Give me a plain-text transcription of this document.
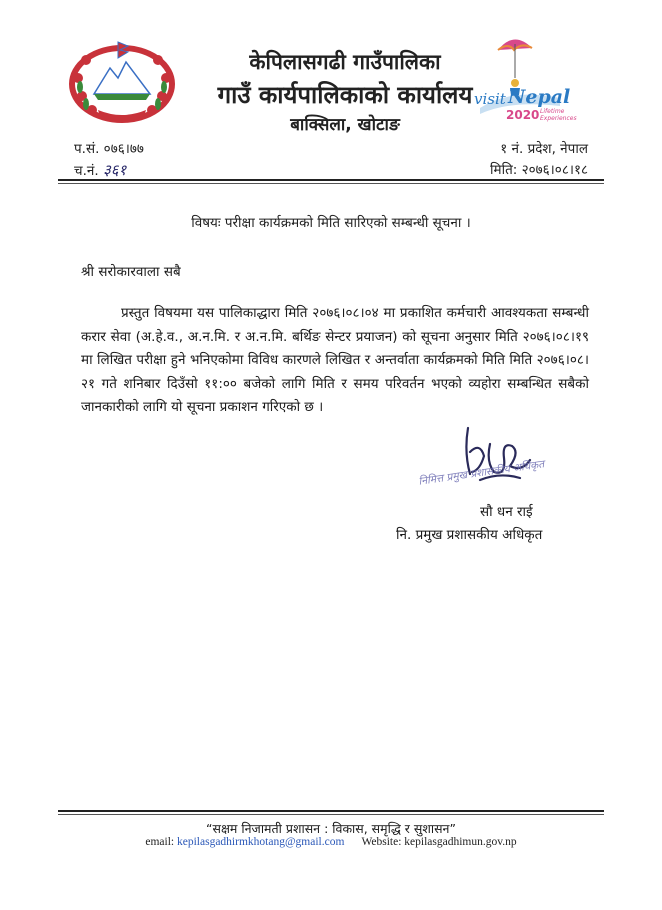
केपिलासगढी गाउँपालिका
गाउँ कार्यपालिकाको कार्यालय
बाक्सिला, खोटाङ
visit Nepal
2020 Lifetime Experiences
प.सं. ०७६।७७
च.नं. ३६१
१ नं. प्रदेश, नेपाल
मिति: २०७६।०८।१८
विषयः परीक्षा कार्यक्रमको मिति सारिएको सम्बन्धी सूचना ।
श्री सरोकारवाला सबै
प्रस्तुत विषयमा यस पालिकाद्धारा मिति २०७६।०८।०४ मा प्रकाशित कर्मचारी आवश्यकता सम्बन्धी करार सेवा (अ.हे.व., अ.न.मि. र अ.न.मि. बर्थिङ सेन्टर प्रयाजन) को सूचना अनुसार मिति २०७६।०८।१९ मा लिखित परीक्षा हुने भनिएकोमा विविध कारणले लिखित र अन्तर्वाता कार्यक्रमको मिति मिति २०७६।०८।२१ गते शनिबार दिउँसो ११:०० बजेको लागि मिति र समय परिवर्तन भएको व्यहोरा सम्बन्धित सबैको जानकारीको लागि यो सूचना प्रकाशन गरिएको छ ।
निमित्त प्रमुख प्रशासकीय अधिकृत
सौ धन राई
नि. प्रमुख प्रशासकीय अधिकृत
“सक्षम निजामती प्रशासन : विकास, समृद्धि र सुशासन”
email: kepilasgadhirmkhotang@gmail.com Website: kepilasgadhimun.gov.np
